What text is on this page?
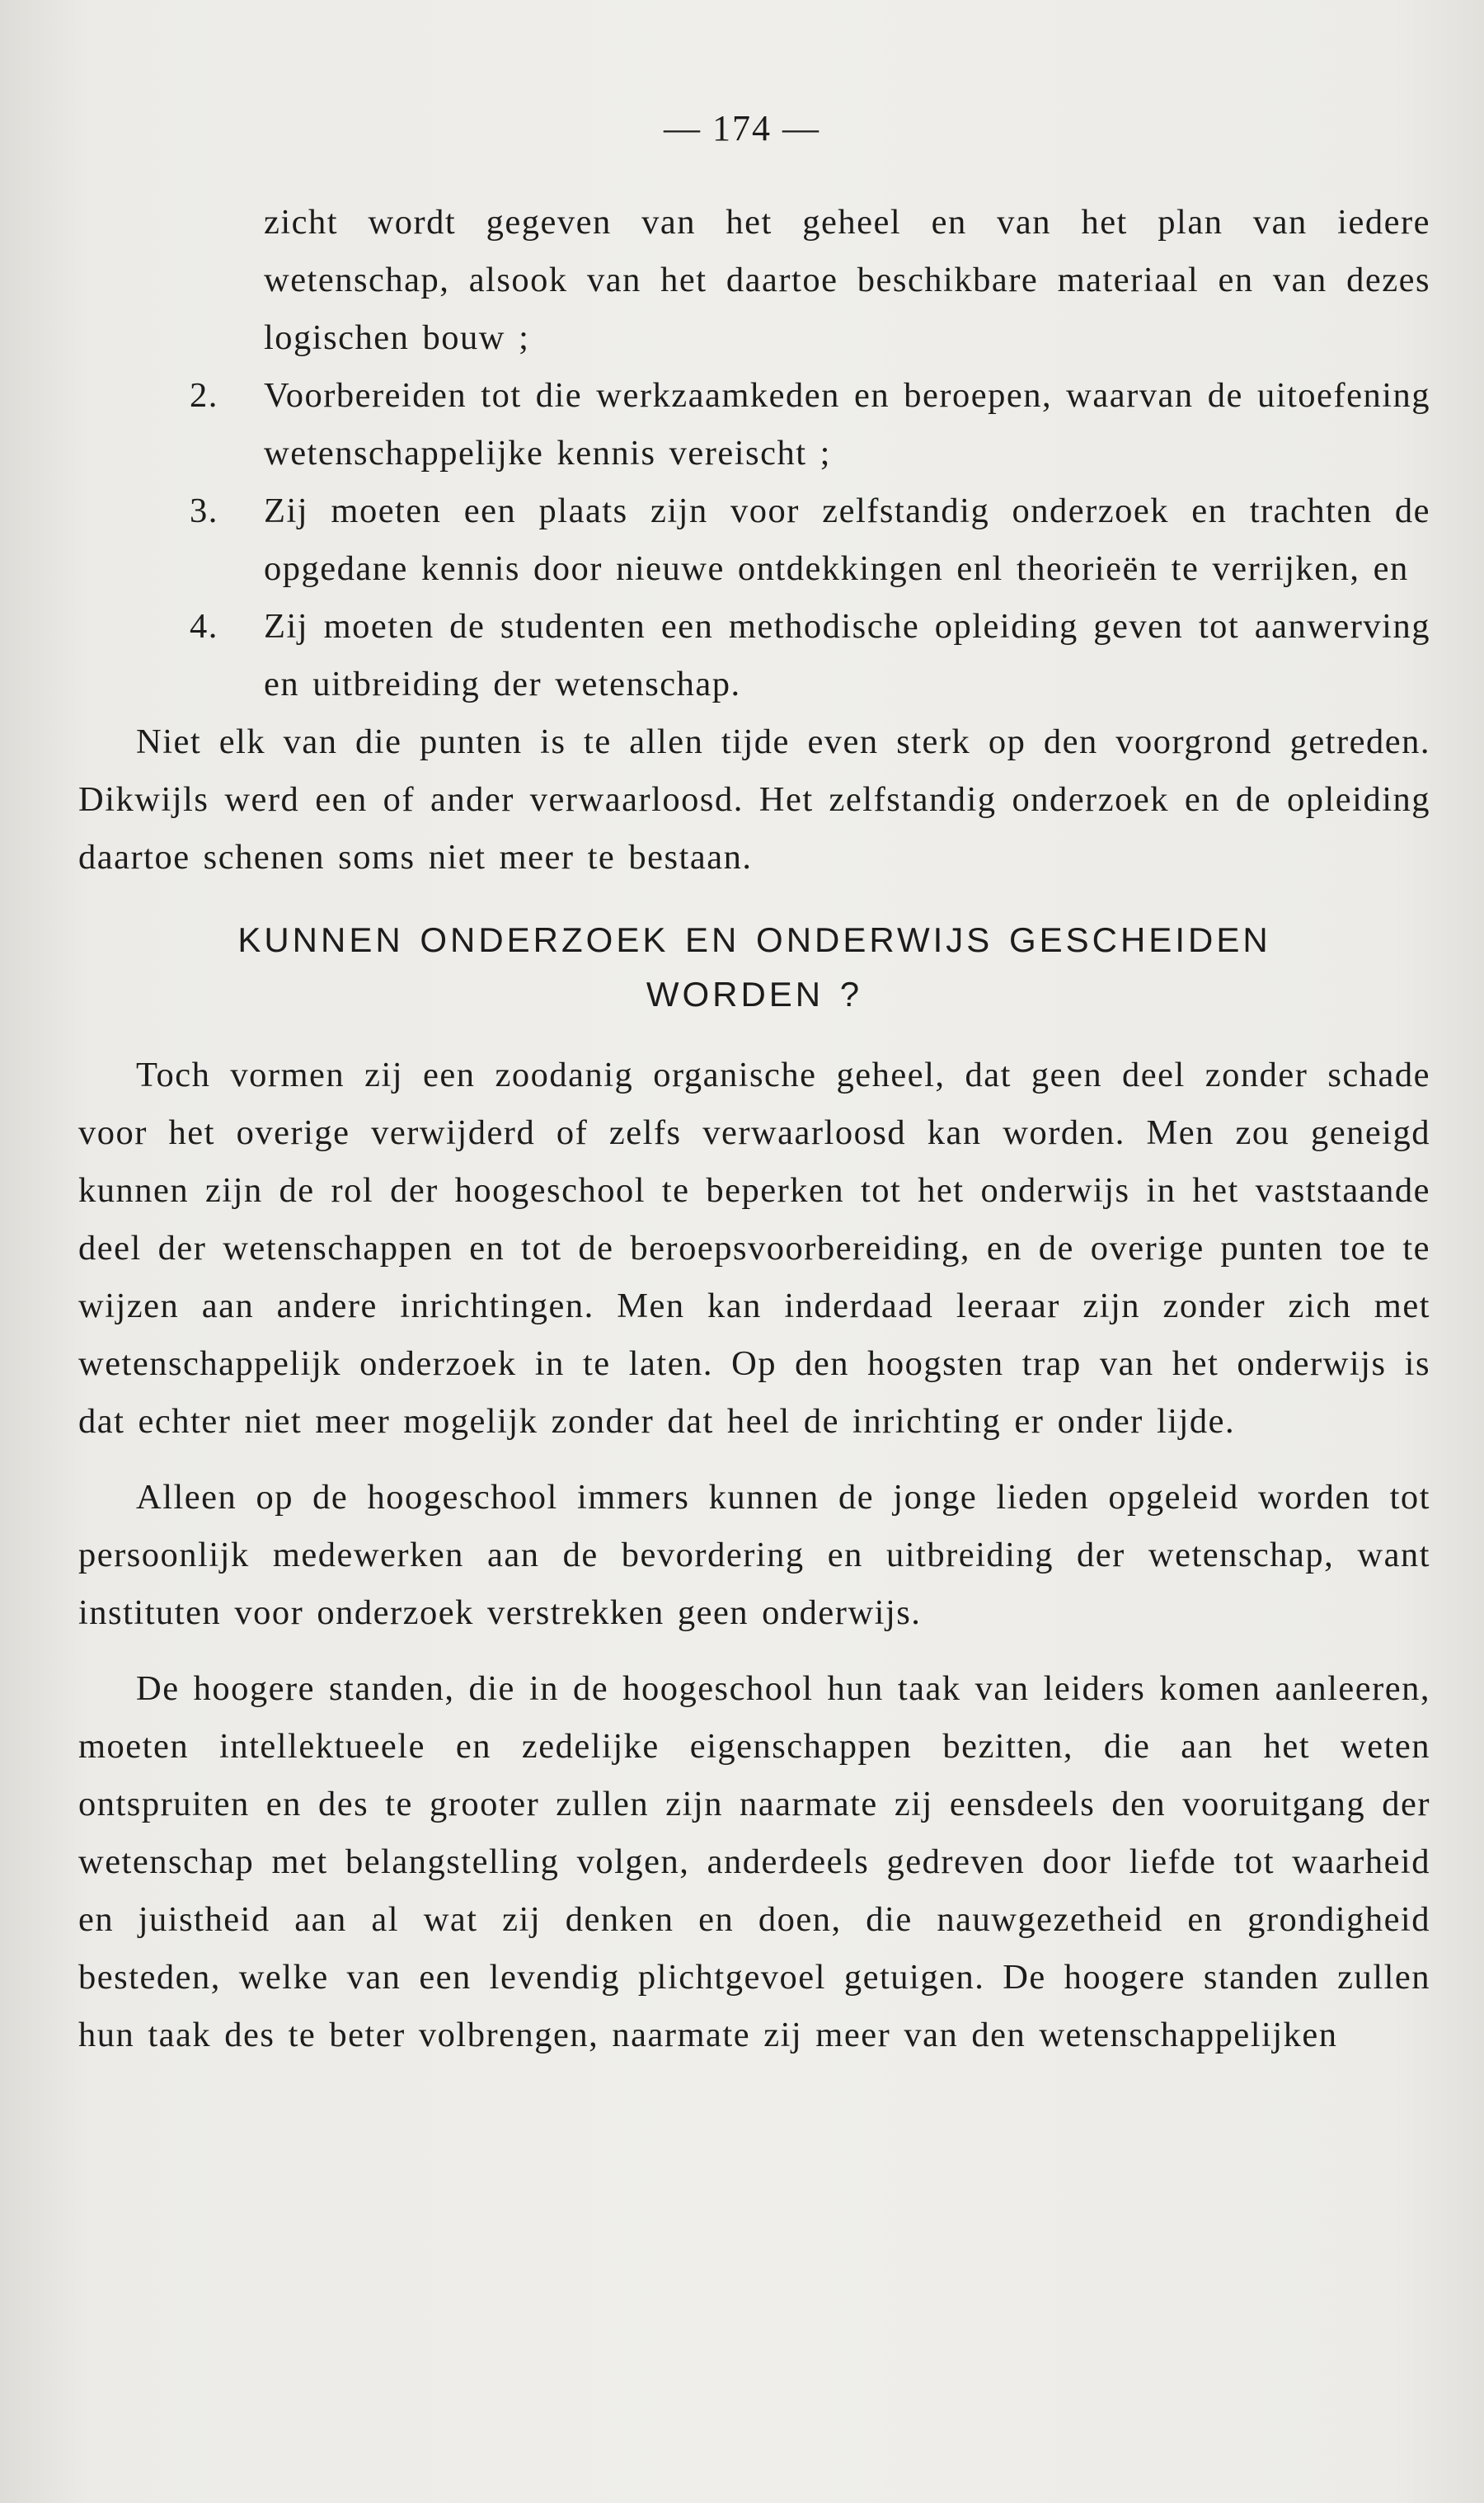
— 174 —

zicht wordt gegeven van het geheel en van het plan van iedere wetenschap, alsook van het daartoe beschikbare materiaal en van dezes logischen bouw ;

2.	Voorbereiden tot die werkzaamkeden en beroepen, waarvan de uitoefening wetenschappelijke kennis vereischt ;
3.	Zij moeten een plaats zijn voor zelfstandig onderzoek en trachten de opgedane kennis door nieuwe ontdekkingen enl theorieën te verrijken, en
4.	Zij moeten de studenten een methodische opleiding geven tot aanwerving en uitbreiding der wetenschap.

Niet elk van die punten is te allen tijde even sterk op den voorgrond getreden. Dikwijls werd een of ander verwaarloosd. Het zelfstandig onderzoek en de opleiding daartoe schenen soms niet meer te bestaan.

KUNNEN ONDERZOEK EN ONDERWIJS GESCHEIDEN
WORDEN ?

Toch vormen zij een zoodanig organische geheel, dat geen deel zonder schade voor het overige verwijderd of zelfs verwaarloosd kan worden. Men zou geneigd kunnen zijn de rol der hoogeschool te beperken tot het onderwijs in het vaststaande deel der wetenschappen en tot de beroepsvoorbereiding, en de overige punten toe te wijzen aan andere inrichtingen. Men kan inderdaad leeraar zijn zonder zich met wetenschappelijk onderzoek in te laten. Op den hoogsten trap van het onderwijs is dat echter niet meer mogelijk zonder dat heel de inrichting er onder lijde.

Alleen op de hoogeschool immers kunnen de jonge lieden opgeleid worden tot persoonlijk medewerken aan de bevordering en uitbreiding der wetenschap, want instituten voor onderzoek verstrekken geen onderwijs.

De hoogere standen, die in de hoogeschool hun taak van leiders komen aanleeren, moeten intellektueele en zedelijke eigenschappen bezitten, die aan het weten ontspruiten en des te grooter zullen zijn naarmate zij eensdeels den vooruitgang der wetenschap met belangstelling volgen, anderdeels gedreven door liefde tot waarheid en juistheid aan al wat zij denken en doen, die nauwgezetheid en grondigheid besteden, welke van een levendig plichtgevoel getuigen. De hoogere standen zullen hun taak des te beter volbrengen, naarmate zij meer van den wetenschappelijken
